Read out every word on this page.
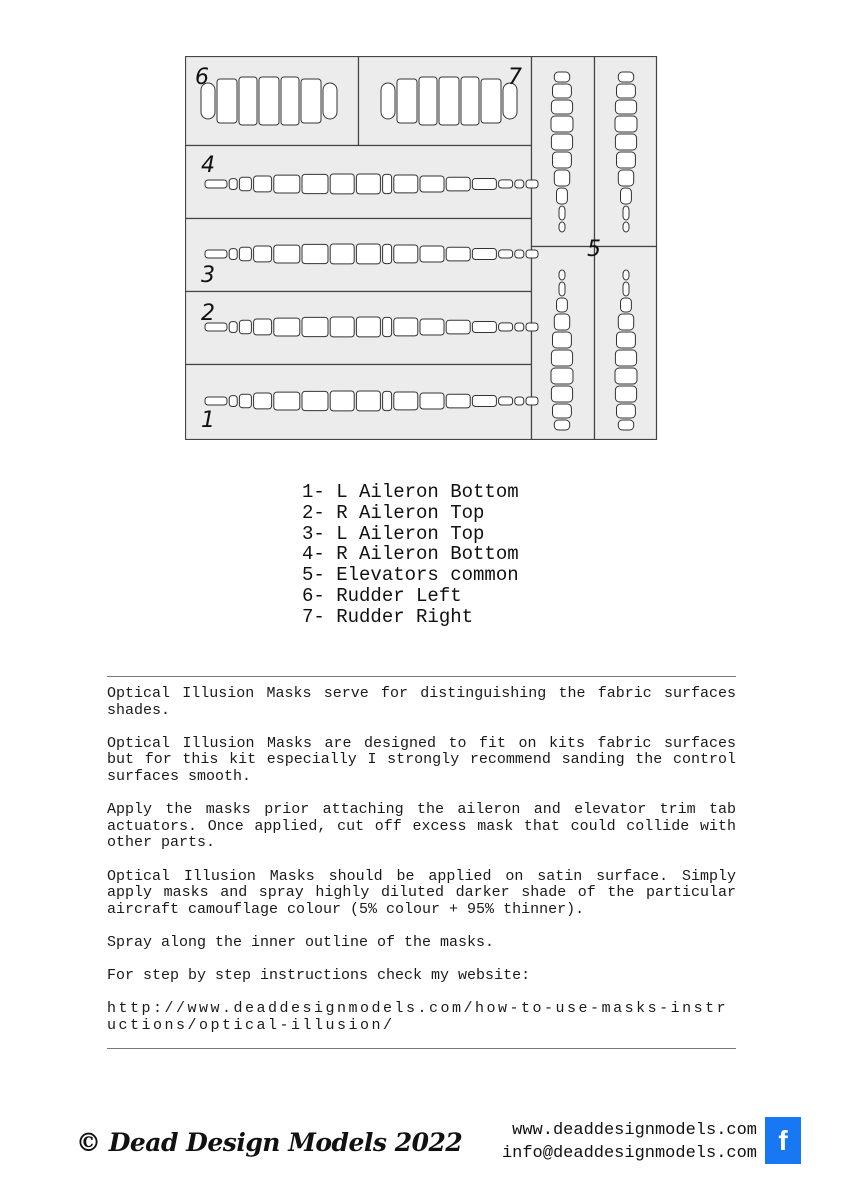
6	7
4
3
2
1
5
1- L Aileron Bottom
2- R Aileron Top
3- L Aileron Top
4- R Aileron Bottom
5- Elevators common
6- Rudder Left
7- Rudder Right

Optical Illusion Masks serve for distinguishing the fabric surfaces shades.

Optical Illusion Masks are designed to fit on kits fabric surfaces but for this kit especially I strongly recommend sanding the control surfaces smooth.

Apply the masks prior attaching the aileron and elevator trim tab actuators. Once applied, cut off excess mask that could collide with other parts.

Optical Illusion Masks should be applied on satin surface. Simply apply masks and spray highly diluted darker shade of the particular aircraft camouflage colour (5% colour + 95% thinner).

Spray along the inner outline of the masks.

For step by step instructions check my website:

http://www.deaddesignmodels.com/how-to-use-masks-instructions/optical-illusion/

© Dead Design Models 2022	www.deaddesignmodels.com
info@deaddesignmodels.com f
